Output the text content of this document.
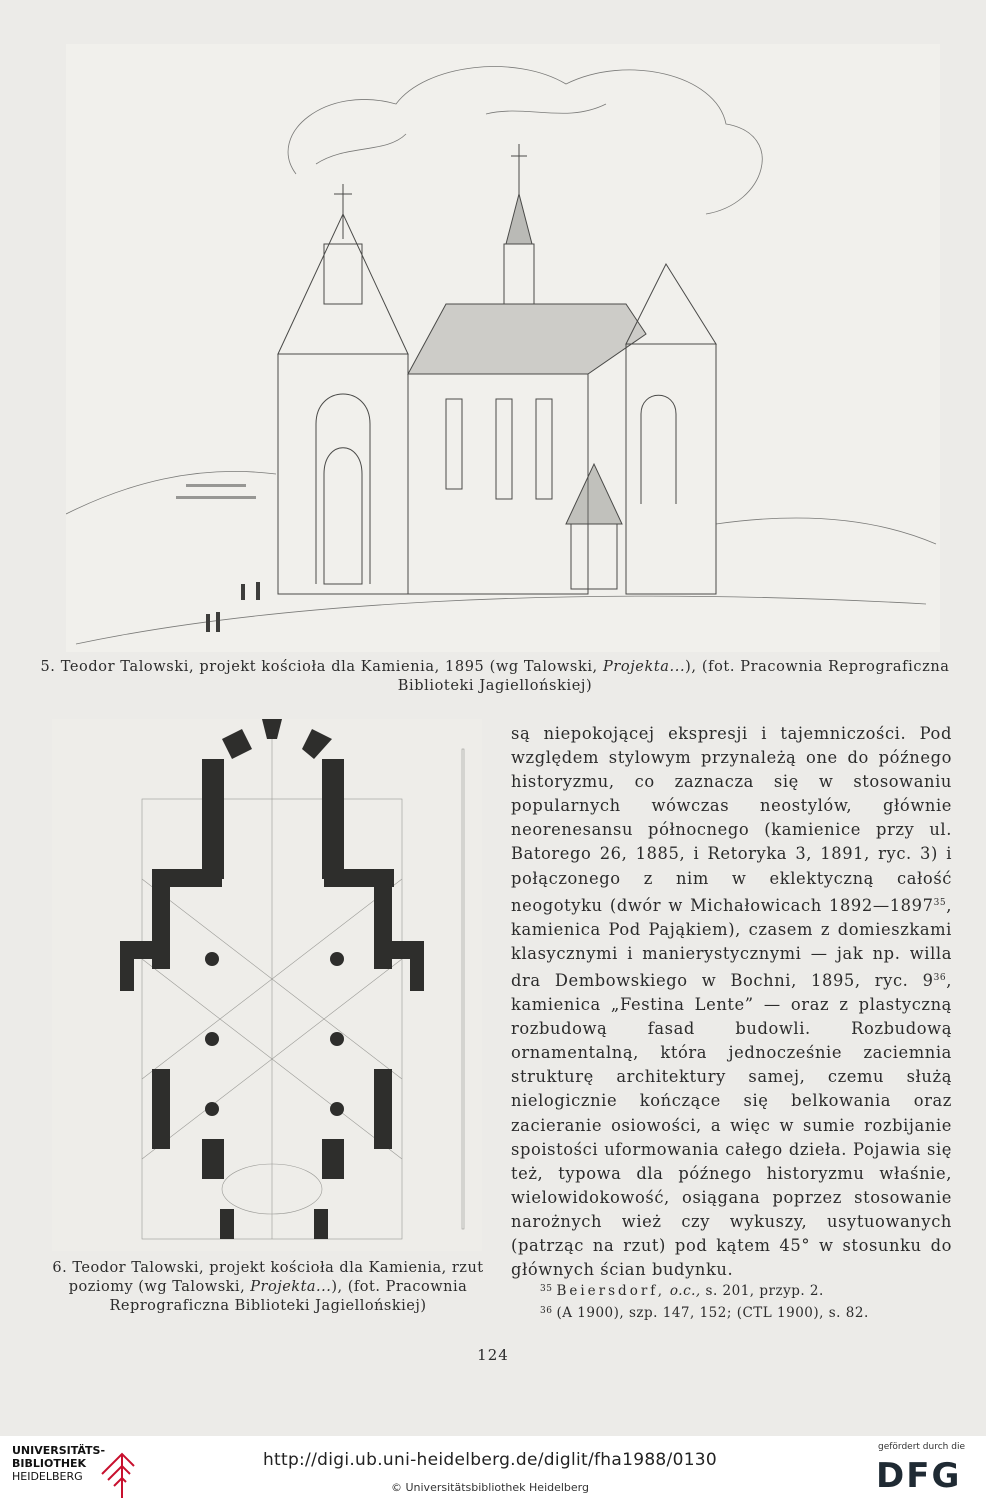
5. Teodor Talowski, projekt kościoła dla Kamienia, 1895 (wg Talowski, Projekta...), (fot. Pracownia Reprograficzna Biblioteki Jagiellońskiej)
6. Teodor Talowski, projekt kościoła dla Kamienia, rzut poziomy (wg Talowski, Projekta...), (fot. Pracownia Reprograficzna Biblioteki Jagiellońskiej)

są niepokojącej ekspresji i tajemniczości. Pod względem stylowym przynależą one do późnego historyzmu, co zaznacza się w stosowaniu popularnych wówczas neostylów, głównie neorenesansu północnego (kamienice przy ul. Batorego 26, 1885, i Retoryka 3, 1891, ryc. 3) i połączonego z nim w eklektyczną całość neogotyku (dwór w Michałowicach 1892—1897$^{35}$, kamienica Pod Pająkiem), czasem z domieszkami klasycznymi i manierystycznymi — jak np. willa dra Dembowskiego w Bochni, 1895, ryc. $9^{36}$, kamienica „Festina Lente” — oraz z plastyczną rozbudową fasad budowli. Rozbudową ornamentalną, która jednocześnie zaciemnia strukturę architektury samej, czemu służą nielogicznie kończące się belkowania oraz zacieranie osiowości, a więc w sumie rozbijanie spoistości uformowania całego dzieła. Pojawia się też, typowa dla późnego historyzmu właśnie, wielowidokowość, osiągana poprzez stosowanie narożnych wież czy wykuszy, usytuowanych (patrząc na rzut) pod kątem 45° w stosunku do głównych ścian budynku.

$^{35}$ Beiersdorf, o.c., s. 201, przyp. 2.
$^{36}$ (A 1900), szp. 147, 152; (CTL 1900), s. 82.
124
UNIVERSITÄTS-
BIBLIOTHEK
HEIDELBERG
http://digi.ub.uni-heidelberg.de/diglit/fha1988/0130
© Universitätsbibliothek Heidelberg
gefördert durch die
DFG
